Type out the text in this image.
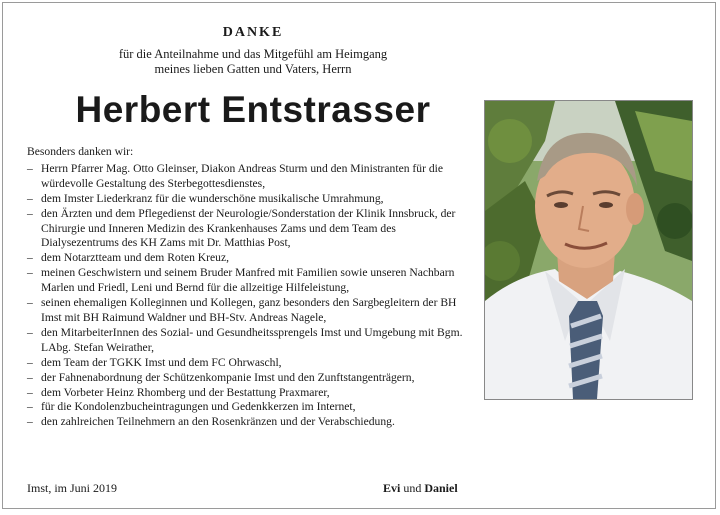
DANKE
für die Anteilnahme und das Mitgefühl am Heimgang
meines lieben Gatten und Vaters, Herrn
Herbert Entstrasser
Besonders danken wir:
– Herrn Pfarrer Mag. Otto Gleinser, Diakon Andreas Sturm und den Ministranten für die würdevolle Gestaltung des Sterbegottesdienstes,
– dem Imster Liederkranz für die wunderschöne musikalische Umrahmung,
– den Ärzten und dem Pflegedienst der Neurologie/Sonderstation der Klinik Innsbruck, der Chirurgie und Inneren Medizin des Krankenhauses Zams und dem Team des Dialysezentrums des KH Zams mit Dr. Matthias Post,
– dem Notarztteam und dem Roten Kreuz,
– meinen Geschwistern und seinem Bruder Manfred mit Familien sowie unseren Nachbarn Marlen und Friedl, Leni und Bernd für die allzeitige Hilfeleistung,
– seinen ehemaligen Kolleginnen und Kollegen, ganz besonders den Sargbegleitern der BH Imst mit BH Raimund Waldner und BH-Stv. Andreas Nagele,
– den MitarbeiterInnen des Sozial- und Gesundheitssprengels Imst und Umgebung mit Bgm. LAbg. Stefan Weirather,
– dem Team der TGKK Imst und dem FC Ohrwaschl,
– der Fahnenabordnung der Schützenkompanie Imst und den Zunftstangenträgern,
– dem Vorbeter Heinz Rhomberg und der Bestattung Praxmarer,
– für die Kondolenzbucheintragungen und Gedenkkerzen im Internet,
– den zahlreichen Teilnehmern an den Rosenkränzen und der Verabschiedung.
Imst, im Juni 2019	Evi und Daniel
